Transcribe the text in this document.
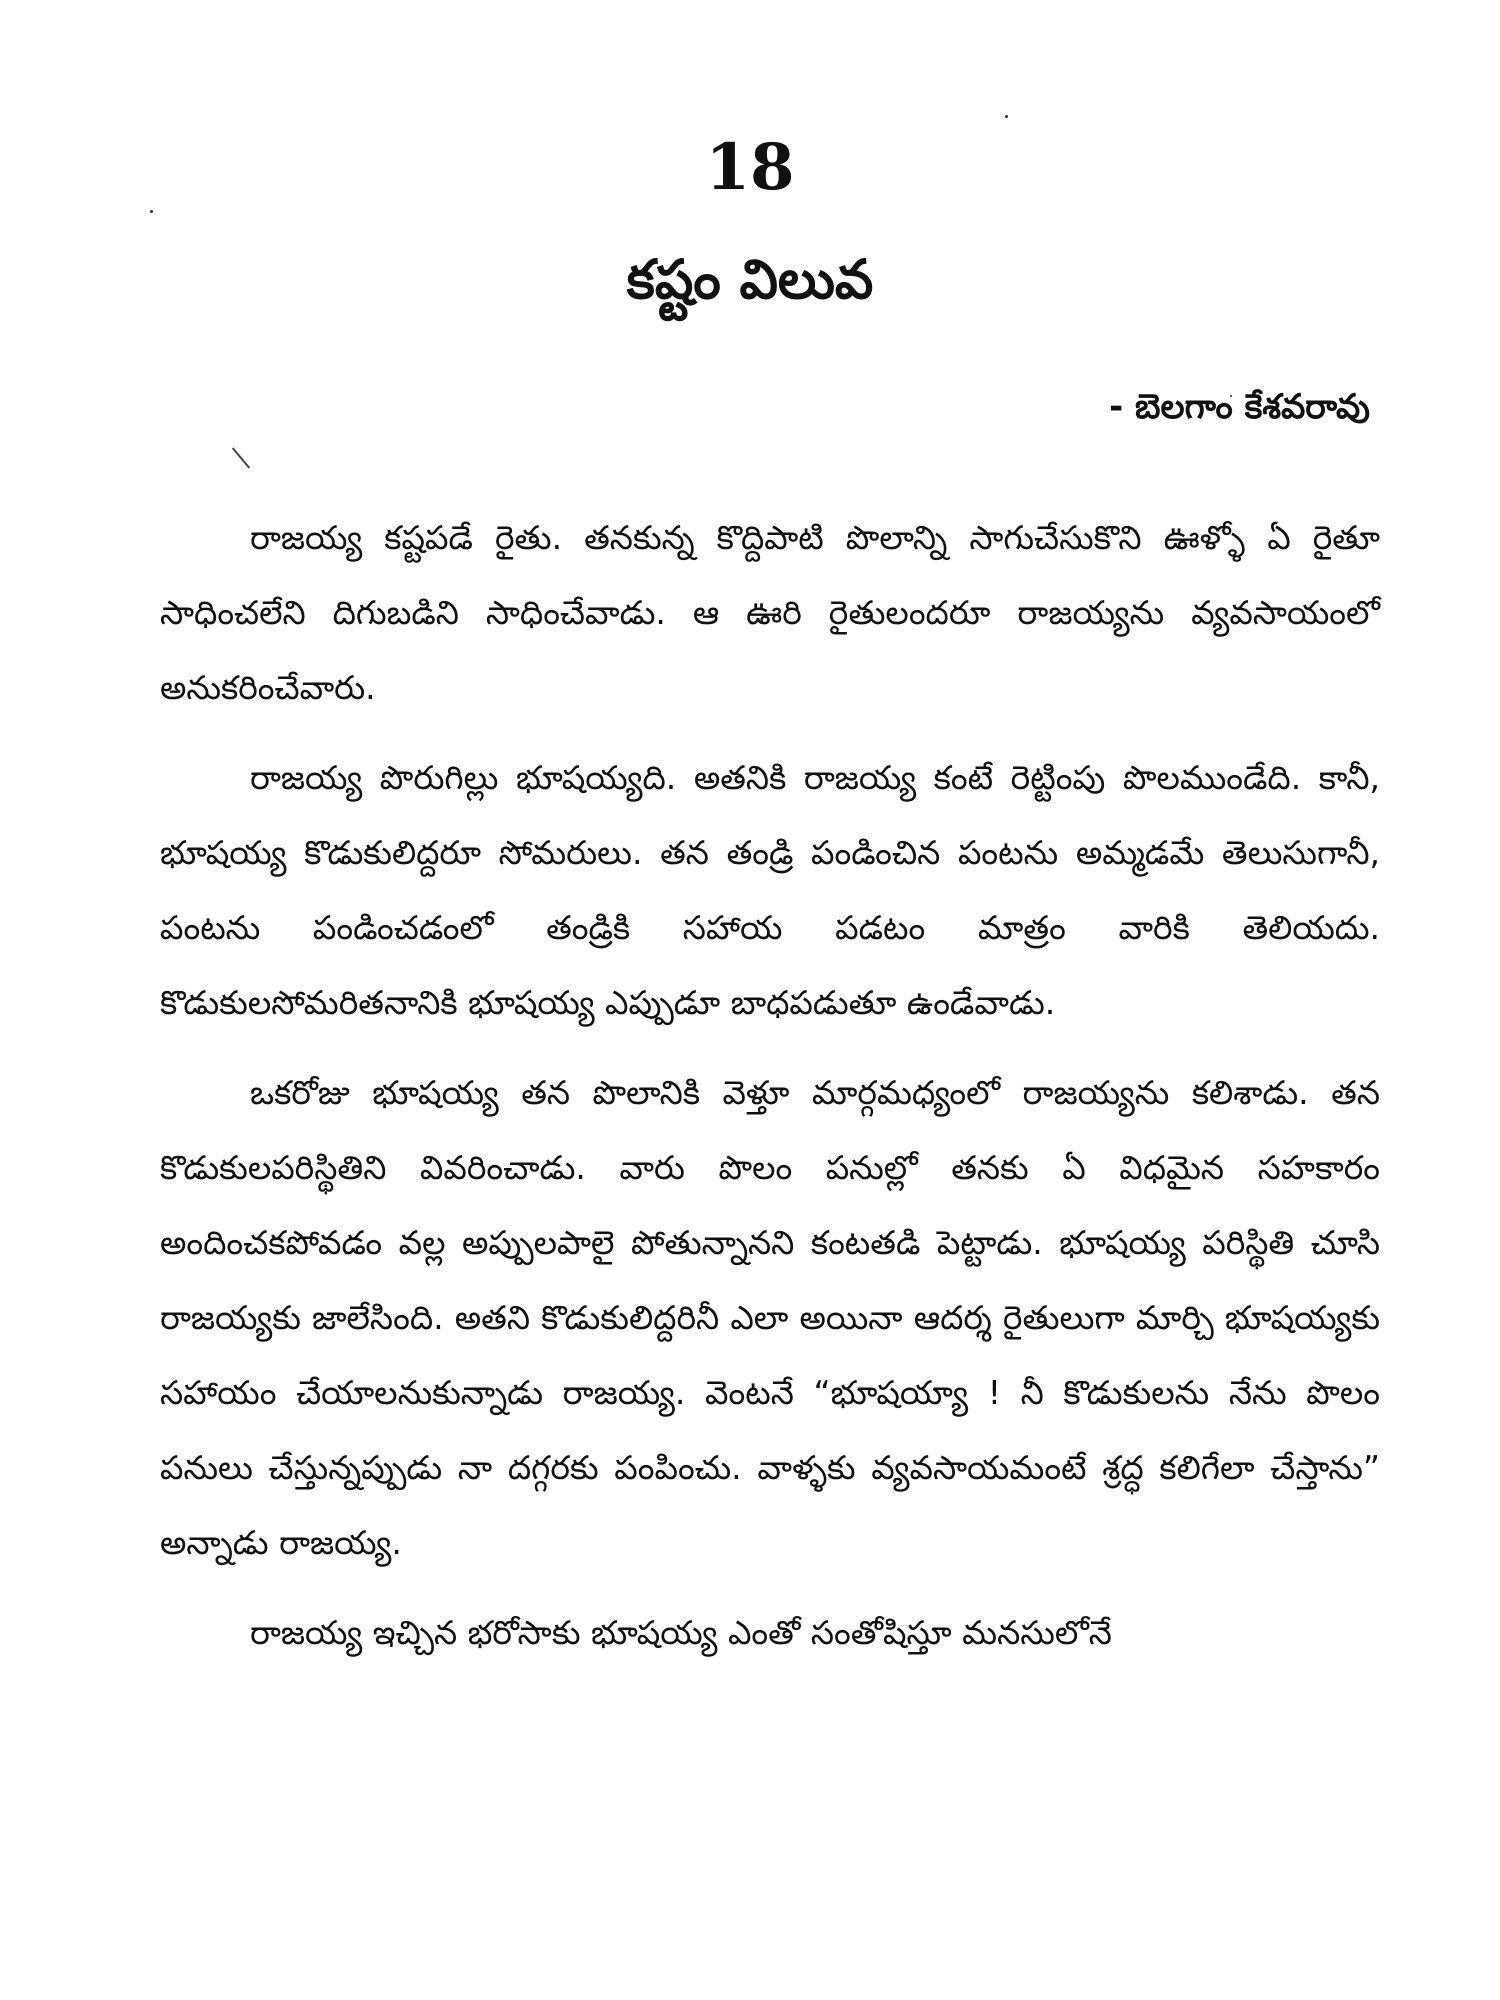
18
కష్టం విలువ
- బెలగాం కేశవరావు

రాజయ్య కష్టపడే రైతు. తనకున్న కొద్దిపాటి పొలాన్ని సాగుచేసుకొని ఊళ్ళో ఏ రైతూ సాధించలేని దిగుబడిని సాధించేవాడు. ఆ ఊరి రైతులందరూ రాజయ్యను వ్యవసాయంలో అనుకరించేవారు.

రాజయ్య పొరుగిల్లు భూషయ్యది. అతనికి రాజయ్య కంటే రెట్టింపు పొలముండేది. కానీ, భూషయ్య కొడుకులిద్దరూ సోమరులు. తన తండ్రి పండించిన పంటను అమ్మడమే తెలుసుగానీ, పంటను పండించడంలో తండ్రికి సహాయ పడటం మాత్రం వారికి తెలియదు. కొడుకులసోమరితనానికి భూషయ్య ఎప్పుడూ బాధపడుతూ ఉండేవాడు.

ఒకరోజు భూషయ్య తన పొలానికి వెళ్తూ మార్గమధ్యంలో రాజయ్యను కలిశాడు. తన కొడుకులపరిస్థితిని వివరించాడు. వారు పొలం పనుల్లో తనకు ఏ విధమైన సహకారం అందించకపోవడం వల్ల అప్పులపాలై పోతున్నానని కంటతడి పెట్టాడు. భూషయ్య పరిస్థితి చూసి రాజయ్యకు జాలేసింది. అతని కొడుకులిద్దరినీ ఎలా అయినా ఆదర్శ రైతులుగా మార్చి భూషయ్యకు సహాయం చేయాలనుకున్నాడు రాజయ్య. వెంటనే “భూషయ్యా ! నీ కొడుకులను నేను పొలం పనులు చేస్తున్నప్పుడు నా దగ్గరకు పంపించు. వాళ్ళకు వ్యవసాయమంటే శ్రద్ధ కలిగేలా చేస్తాను” అన్నాడు రాజయ్య.

రాజయ్య ఇచ్చిన భరోసాకు భూషయ్య ఎంతో సంతోషిస్తూ మనసులోనే
